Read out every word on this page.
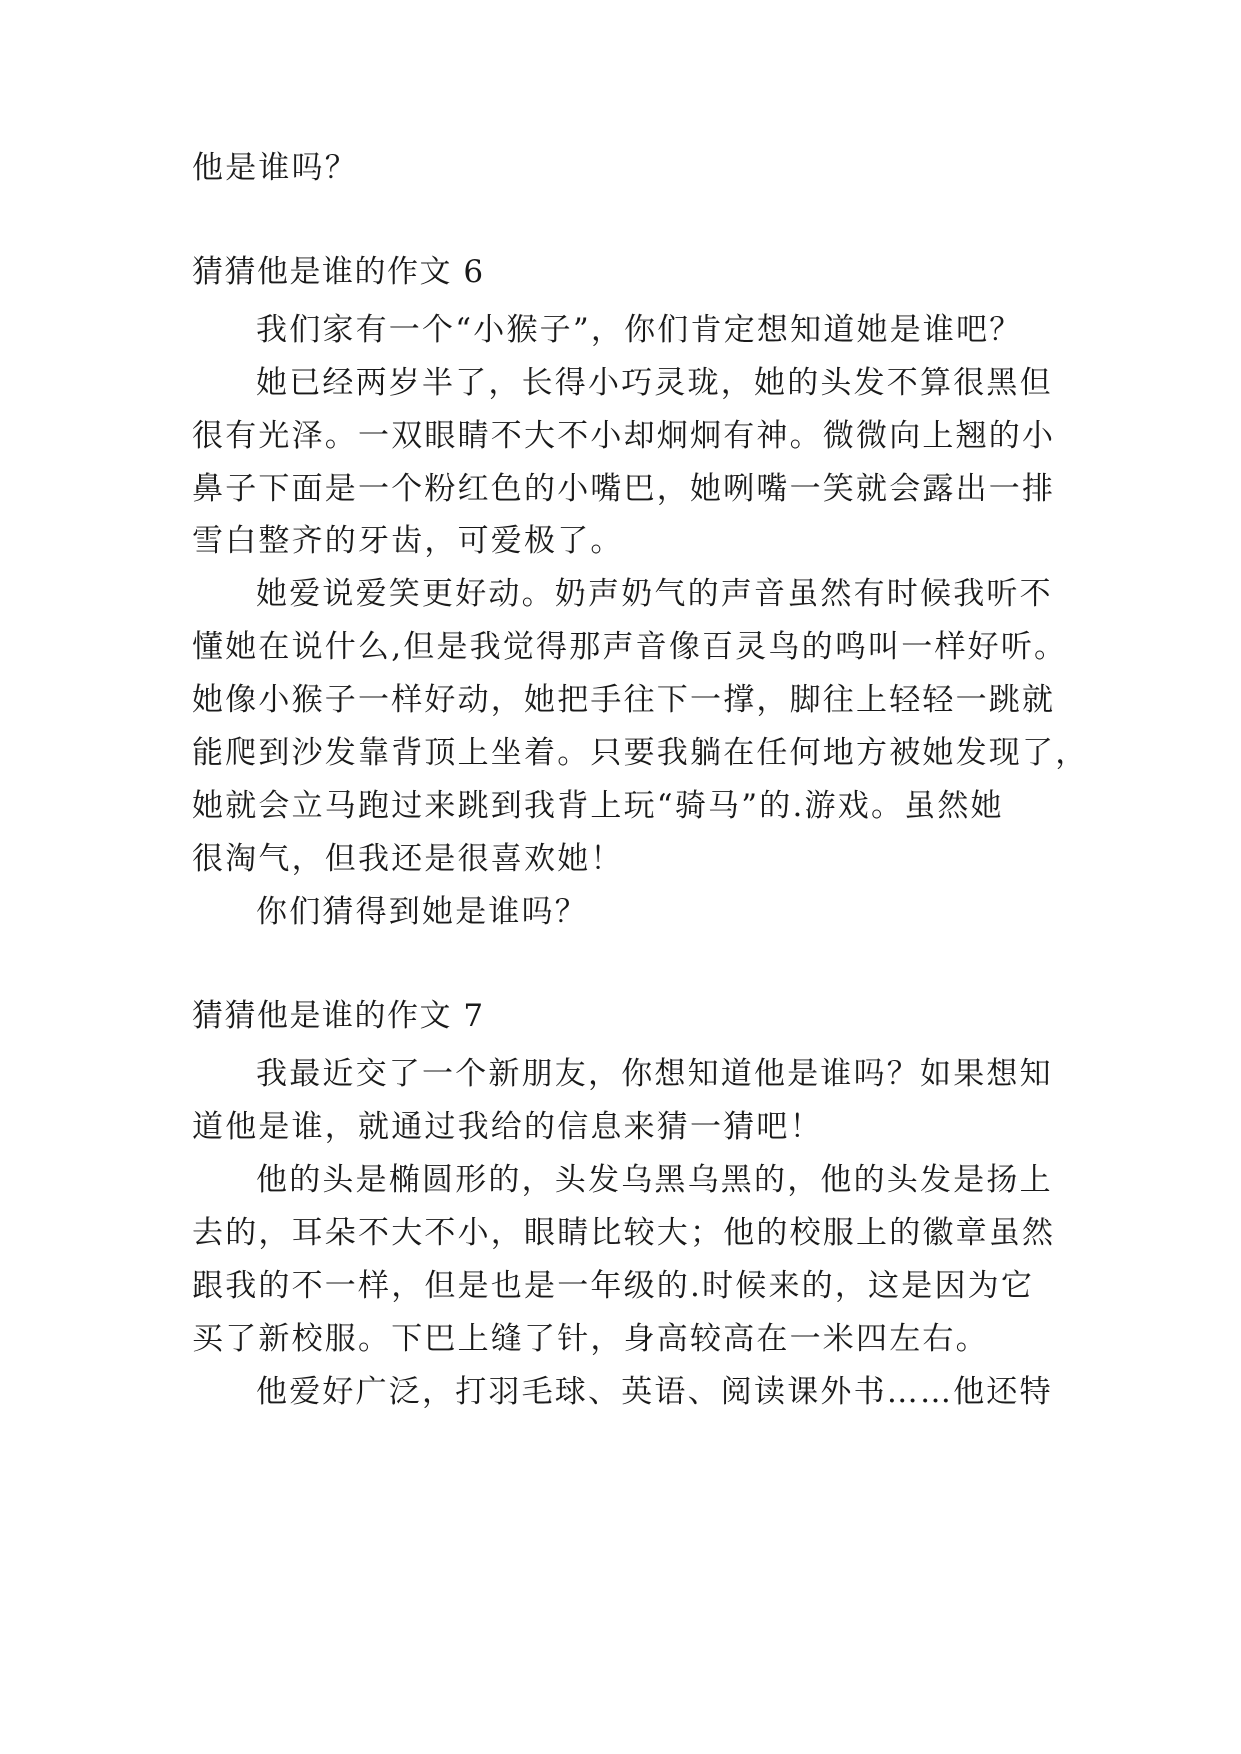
他是谁吗？
猜猜他是谁的作文 6
我们家有一个“小猴子”，你们肯定想知道她是谁吧？
她已经两岁半了，长得小巧灵珑，她的头发不算很黑但
很有光泽。一双眼睛不大不小却炯炯有神。微微向上翘的小
鼻子下面是一个粉红色的小嘴巴，她咧嘴一笑就会露出一排
雪白整齐的牙齿，可爱极了。
她爱说爱笑更好动。奶声奶气的声音虽然有时候我听不
懂她在说什么,但是我觉得那声音像百灵鸟的鸣叫一样好听。
她像小猴子一样好动，她把手往下一撑，脚往上轻轻一跳就
能爬到沙发靠背顶上坐着。只要我躺在任何地方被她发现了，
她就会立马跑过来跳到我背上玩“骑马”的.游戏。虽然她
很淘气，但我还是很喜欢她！
你们猜得到她是谁吗？
猜猜他是谁的作文 7
我最近交了一个新朋友，你想知道他是谁吗？如果想知
道他是谁，就通过我给的信息来猜一猜吧！
他的头是椭圆形的，头发乌黑乌黑的，他的头发是扬上
去的，耳朵不大不小，眼睛比较大；他的校服上的徽章虽然
跟我的不一样，但是也是一年级的.时候来的，这是因为它
买了新校服。下巴上缝了针，身高较高在一米四左右。
他爱好广泛，打羽毛球、英语、阅读课外书……他还特
